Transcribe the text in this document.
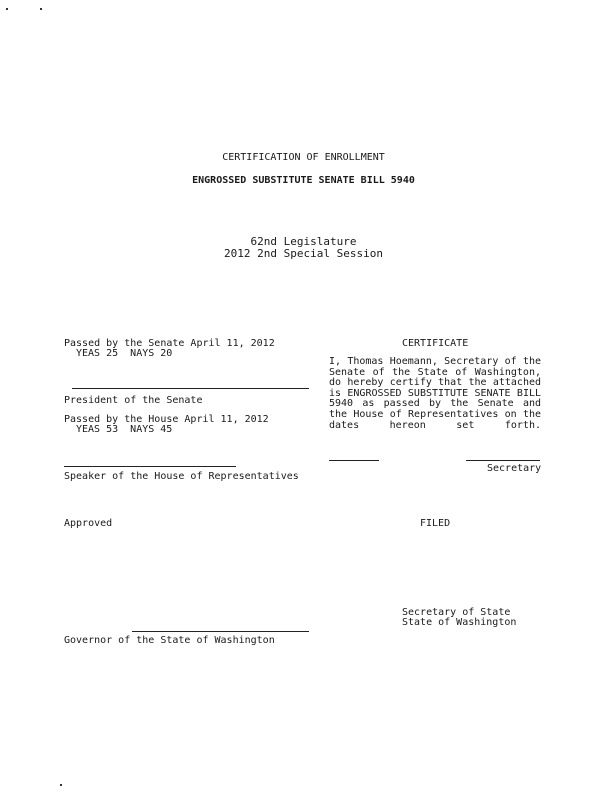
CERTIFICATION OF ENROLLMENT
ENGROSSED SUBSTITUTE SENATE BILL 5940
62nd Legislature
2012 2nd Special Session
Passed by the Senate April 11, 2012
YEAS 25  NAYS 20
President of the Senate
Passed by the House April 11, 2012
YEAS 53  NAYS 45
Speaker of the House of Representatives
CERTIFICATE
I, Thomas Hoemann, Secretary of the
Senate of the State of Washington,
do hereby certify that the attached
is ENGROSSED SUBSTITUTE SENATE BILL
5940 as passed by the Senate and
the House of Representatives on the
dates hereon set forth.
Secretary
Approved
Governor of the State of Washington
FILED
Secretary of State
State of Washington
